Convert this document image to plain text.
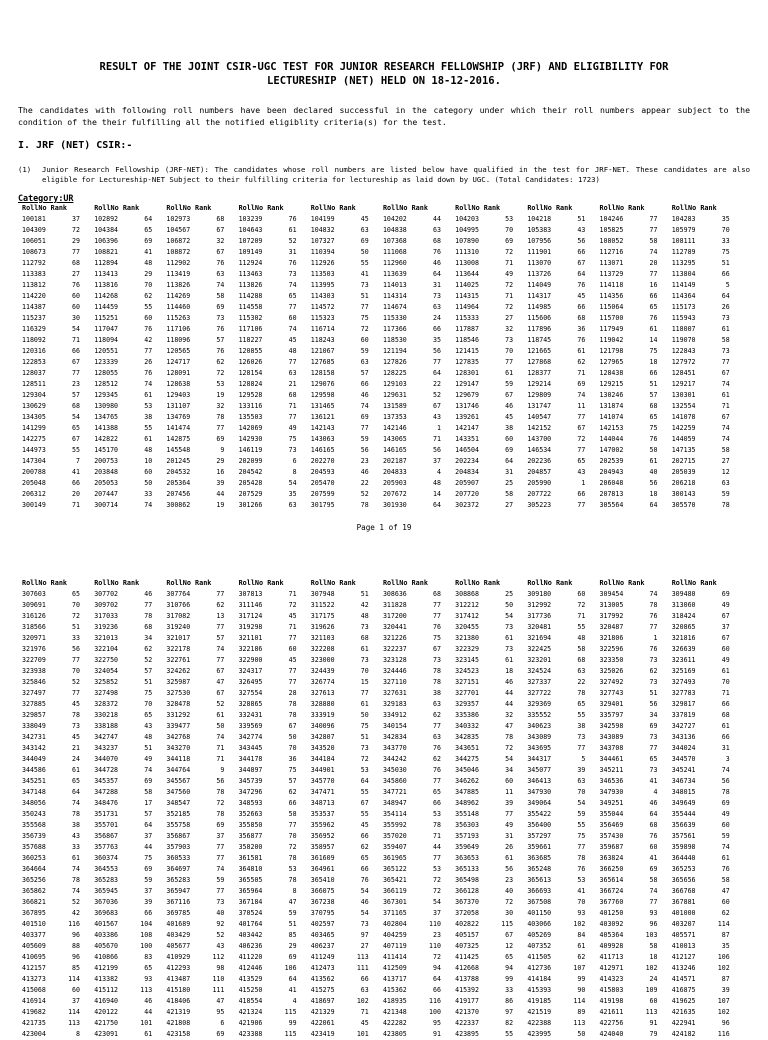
RESULT OF THE JOINT CSIR-UGC TEST FOR JUNIOR RESEARCH FELLOWSHIP (JRF) AND ELIGIBILITY FOR
LECTURESHIP (NET) HELD ON 18-12-2016.

The candidates with following roll numbers have been declared successful in the category under which their roll numbers appear subject to the condition of the their fulfilling all the notified eligiblity criteria(s) for the test.

I. JRF (NET) CSIR:-
(1)	Junior Research Fellowship (JRF-NET): The candidates whose roll numbers are listed below have qualified in the test for JRF-NET. These candidates are also eligible for Lectureship-NET Subject to their fulfilling criteria for lectureship as laid down by UGC. (Total Candidates: 1723)
Category:UR
RollNo Rank
100181	37
104309	72
106051	29
108673	77
112792	68
113383	27
113812	76
114220	60
114387	60
115237	30
116329	54
118092	71
120316	66
122853	67
128037	77
128511	23
129304	57
130629	68
134305	54
141299	65
142275	67
144973	55
147304	7
200788	41
205048	66
206312	20
300149	71
RollNo Rank
102892	64
104384	65
106396	69
108821	41
112894	48
113413	29
113816	70
114268	62
114459	55
115251	60
117047	76
118094	42
120551	77
123339	26
128055	76
128512	74
129345	61
130980	53
134765	38
141388	55
142822	61
145170	48
200753	10
203848	60
205053	50
207447	33
300714	74
RollNo Rank
102973	68
104567	67
106872	32
108872	67
112902	76
113419	63
113826	74
114269	58
114460	69
115263	73
117106	76
118096	57
120565	76
124717	62
128091	72
128638	53
129403	19
131107	32
134769	78
141474	77
142875	69
145548	9
201245	29
204532	16
205364	39
207456	44
300862	19
RollNo Rank
103239	76
104643	61
107209	52
109149	31
112924	76
113463	73
113826	74
114288	65
114558	77
115302	60
117106	74
118227	45
120855	48
126026	77
128154	63
128824	21
129528	68
133116	71
135503	77
142069	49
142930	75
146119	73
202099	6
204542	8
205428	54
207529	35
301266	63
RollNo Rank
104199	45
104832	63
107327	69
110394	50
112926	55
113503	41
113995	73
114303	51
114572	77
115323	75
116714	72
118243	60
121067	59
127685	63
128158	57
129076	66
129598	46
131465	74
136121	69
142143	77
143063	59
146165	56
202270	23
204593	46
205470	22
207599	52
301795	78
RollNo Rank
104202	44
104838	63
107368	68
111068	76
112960	46
113639	64
114013	31
114314	73
114674	63
115330	24
117366	66
118530	35
121194	56
127826	77
128225	64
129103	22
129631	52
131589	67
137353	43
142146	1
143065	71
146165	56
202187	37
204833	4
205903	48
207672	14
301930	64
RollNo Rank
104203	53
104995	70
107890	69
111310	72
113008	71
113644	49
114025	72
114315	71
114964	72
115333	27
117887	32
118546	73
121415	70
127835	77
128301	61
129147	59
129679	67
131746	46
139261	45
142147	38
143351	60
146504	69
202234	64
204834	31
205907	25
207720	58
302372	27
RollNo Rank
104218	51
105383	43
107956	56
111901	66
113070	67
113726	64
114049	76
114317	45
114985	66
115606	68
117896	36
118745	76
121665	61
127868	62
128377	71
129214	69
129809	74
131747	11
140547	77
142152	67
143700	72
146534	77
202236	65
204857	43
205990	1
207722	66
305223	77
RollNo Rank
104246	77
105825	77
108052	58
112716	74
113071	20
113729	77
114118	16
114356	66
115064	65
115700	76
117949	61
119042	14
121798	75
127965	18
128438	66
129215	51
130246	57
131874	68
141074	65
142153	75
144044	76
147002	50
202539	61
204943	40
206048	56
207813	18
305564	64
RollNo Rank
104283	35
105979	70
108111	33
112789	75
113295	51
113804	66
114149	5
114364	64
115173	26
115943	73
118007	61
119070	58
122843	73
127972	77
128451	67
129217	74
130301	61
132554	71
141078	67
142259	74
144059	74
147135	58
202715	27
205039	12
206218	63
300143	59
305570	78
Page 1 of 19
RollNo Rank
307603	65
309691	70
316126	72
318566	51
320971	33
321976	56
322709	77
323938	70
325846	52
327497	77
327885	45
329857	78
338049	73
342731	45
343142	21
344049	24
344586	61
345251	65
347148	64
348056	74
350243	78
355568	38
356739	43
357688	33
360253	61
364664	74
365256	78
365862	74
366821	52
367895	42
401510	116
403377	96
405609	88
410695	96
412157	85
413273	114
415068	60
416914	37
419682	114
421735	113
423004	8
RollNo Rank
307702	46
309702	77
317033	78
319236	68
321013	34
322104	62
322750	52
324054	57
325852	51
327498	75
328372	70
330218	65
338188	43
342747	48
343237	51
344070	49
344728	74
345357	69
347288	58
348476	17
351731	57
355701	64
356867	37
357763	44
360374	75
364553	69
365283	59
365945	37
367036	39
369683	66
401567	104
403386	108
405670	100
410866	83
412199	65
413382	93
415112	113
416940	46
420122	44
421750	101
423091	61
RollNo Rank
307764	77
310766	62
317082	13
319240	77
321017	57
322178	74
322761	77
324262	67
325987	47
327530	67
328478	52
331292	61
339477	50
342768	74
343270	71
344118	71
344764	9
345567	56
347560	78
348547	72
352185	78
355758	69
356867	37
357903	77
360533	77
364697	74
365283	59
365947	77
367116	73
369785	40
401689	92
403429	52
405677	43
410929	112
412293	98
413487	110
415180	111
418406	47
421319	95
421808	6
423158	69
RollNo Rank
307813	71
311146	72
317124	45
319298	71
321101	77
322186	60
322900	45
324317	77
326495	77
327554	28
328865	78
332431	78
339569	67
342774	50
343445	70
344178	36
344897	75
345739	57
347296	62
348593	66
352663	58
355850	77
356877	70
358200	72
361581	78
364810	53
365505	78
365964	8
367184	47
370524	59
401764	51
403442	85
406236	29
411220	69
412446	106
413529	64
415250	41
418554	4
421324	115
421906	99
423388	115
RollNo Rank
307948	51
311522	42
317175	48
319626	73
321103	68
322208	61
323000	73
324439	70
326774	15
327613	77
328880	61
333919	50
340096	75
342807	51
343520	73
344184	72
344901	53
345770	64
347471	55
348713	67
353537	55
355962	45
356952	66
358957	62
361609	65
364961	66
365410	76
366075	54
367238	46
370795	54
402597	73
403465	97
406237	27
411249	113
412473	111
413562	66
415275	63
418697	102
421329	71
422061	45
423419	101
RollNo Rank
308636	68
311828	77
317200	77
320441	76
321226	75
322237	67
323128	73
324446	78
327110	78
327631	38
329183	63
334912	62
340154	77
342834	63
343770	76
344242	62
345030	76
345860	77
347721	65
348947	66
354114	53
355992	78
357020	71
359407	44
361965	77
365122	53
365421	72
366119	72
367301	54
371165	37
402804	110
404259	23
407119	110
411414	72
412509	94
413717	64
415362	66
418935	116
421348	100
422282	95
423805	91
RollNo Rank
308868	25
312212	50
317412	54
320455	73
321380	61
322329	73
323145	61
324523	18
327151	46
327701	44
329357	44
335386	32
340332	47
342835	78
343651	72
344275	54
345046	34
346262	60
347885	11
348962	39
355148	77
356303	49
357193	31
359649	26
363653	61
365133	56
365498	23
366128	40
367370	72
372058	30
402822	115
405157	67
407325	12
411425	65
412668	94
413788	99
415392	33
419177	86
421370	97
422337	82
423895	55
RollNo Rank
309180	60
312992	72
317736	71
320481	55
321694	48
322425	58
323201	68
324524	63
327337	22
327722	78
329369	65
335552	55
340623	38
343089	73
343695	77
344317	5
345077	39
346413	63
347930	70
349064	54
355422	59
356400	55
357297	75
359661	77
363685	78
365248	76
365613	53
366693	41
367508	70
401150	93
403066	102
405269	84
407352	61
411505	62
412736	107
414184	99
415393	90
419185	114
421519	89
422388	113
423995	50
RollNo Rank
309454	74
313005	78
317992	76
320487	77
321806	1
322596	76
323350	73
325026	62
327492	73
327743	51
329401	56
335797	34
342598	69
343089	73
343708	77
344461	65
345211	73
346536	41
347930	4
349251	46
355044	64
356469	68
357430	76
359687	60
363824	41
366250	69
365614	58
366724	74
367760	77
401250	93
403092	96
405364	103
409928	58
411713	18
412971	102
414323	24
415803	109
419198	60
421611	113
422756	91
424040	79
RollNo Rank
309480	69
313060	49
318424	67
320865	37
321816	67
326639	60
323611	49
325169	61
327493	70
327783	71
329817	66
337819	68
342727	61
343136	66
344024	31
344570	3
345241	74
346734	56
348015	78
349649	69
355444	49
356639	60
357561	59
359898	74
364440	61
365253	76
365656	58
366768	47
367881	60
401000	62
403207	114
405571	87
410013	35
412127	106
413246	102
414571	87
416875	39
419625	107
421635	102
422941	96
424182	116
